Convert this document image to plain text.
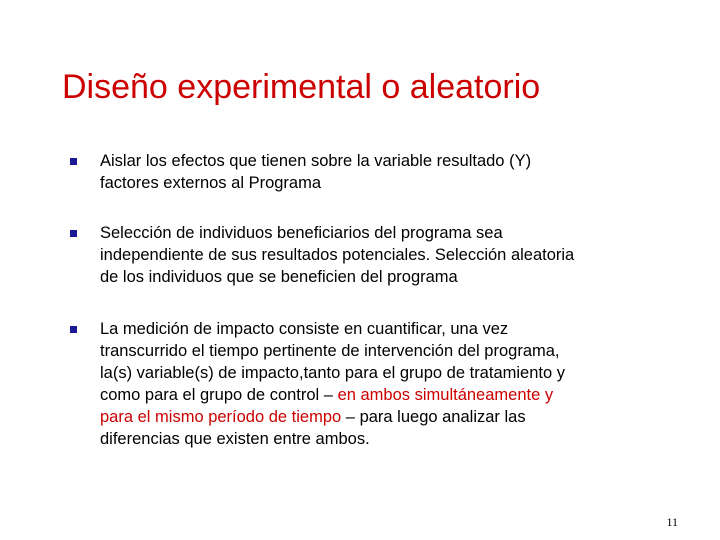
Diseño experimental o aleatorio
Aislar los efectos que tienen sobre la variable resultado (Y)
factores externos al Programa
Selección de individuos beneficiarios del programa sea
independiente de sus resultados potenciales. Selección aleatoria
de los individuos que se beneficien del programa
La medición de impacto consiste en cuantificar, una vez
transcurrido el tiempo pertinente de intervención del programa,
la(s) variable(s) de impacto,tanto para el grupo de tratamiento y
como para el grupo de control – en ambos simultáneamente y
para el mismo período de tiempo – para luego analizar las
diferencias que existen entre ambos.
11
